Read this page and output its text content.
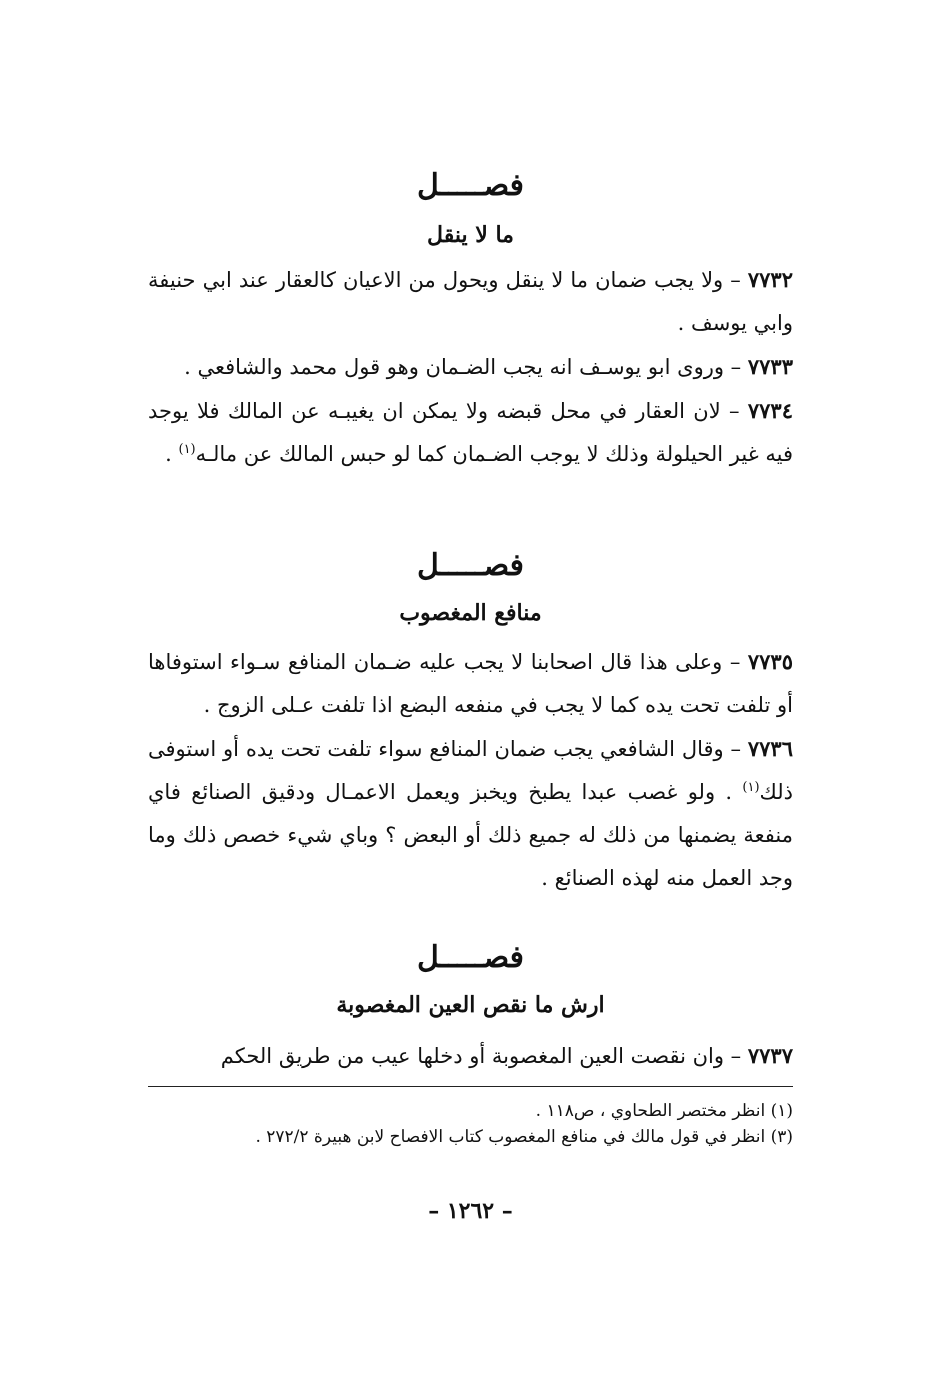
فصـــــل
ما لا ينقل
٧٧٣٢ – ولا يجب ضمان ما لا ينقل ويحول من الاعيان كالعقار عند ابي حنيفة وابي يوسف .
٧٧٣٣ – وروى ابو يوسـف انه يجب الضـمان وهو قول محمد والشافعي .
٧٧٣٤ – لان العقار في محل قبضه ولا يمكن ان يغيبـه عن المالك فلا يوجد فيه غير الحيلولة وذلك لا يوجب الضـمان كما لو حبس المالك عن مالـه$^{(١)}$ .
فصـــــل
منافع المغصوب
٧٧٣٥ – وعلى هذا قال اصحابنا لا يجب عليه ضـمان المنافع سـواء استوفاها أو تلفت تحت يده كما لا يجب في منفعه البضع اذا تلفت عـلى الزوج .
٧٧٣٦ – وقال الشافعي يجب ضمان المنافع سواء تلفت تحت يده أو استوفى ذلك$^{(١)}$ . ولو غصب عبدا يطبخ ويخبز ويعمل الاعمـال ودقيق الصنائع فاي منفعة يضمنها من ذلك له جميع ذلك أو البعض ؟ وباي شيء خصص ذلك وما وجد العمل منه لهذه الصنائع .
فصـــــل
ارش ما نقص العين المغصوبة
٧٧٣٧ – وان نقصت العين المغصوبة أو دخلها عيب من طريق الحكم
(١) انظر مختصر الطحاوي ، ص١١٨ .
(٣) انظر في قول مالك في منافع المغصوب كتاب الافصاح لابن هبيرة ٢٧٢/٢ .
– ١٢٦٢ –
